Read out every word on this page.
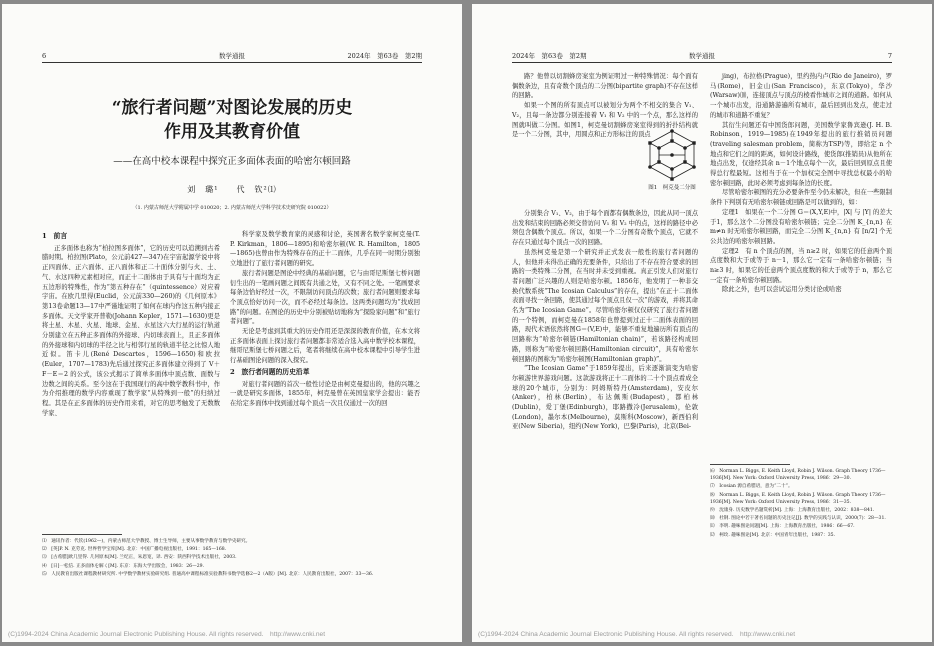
6	数学通报	2024年　第63卷　第2期
“旅行者问题”对图论发展的历史
作用及其教育价值
——在高中校本课程中探究正多面体表面的哈密尔顿回路
刘　璐¹　　代　钦²⑴
（1. 内蒙古师范大学附属中学 010020；2. 内蒙古师范大学科学技术史研究院 010022）
1　前言

正多面体也称为“柏拉图多面体”，它的历史可以追溯到古希腊时期。柏拉图(Plato，公元前427—347)在宇宙起源学说中将正四面体、正六面体、正八面体和正二十面体分别与火、土、气、水这四种元素相对应，而正十二面体由于具有与十面均为正五边形的特殊性，作为“第五种存在”（quintessence）对应着宇宙。在欧几里得(Euclid，公元前330—260)的《几何原本》第13卷命题13—17中严谨地证明了如何在球内作这五种内接正多面体。天文学家开普勒(Johann Kepler，1571—1630)更是将土星、木星、火星、地球、金星、水星这六大行星的运行轨道分别建立在五种正多面体的外接球、内切球表面上，且正多面体的外接球和内切球的半径之比与相邻行星的轨道半径之比惊人地近似。笛卡儿(René Descartes，1596—1650)和欧拉(Euler，1707—1783)先后通过探究正多面体建立得到了 V＋F－E＝2 的公式，该公式揭示了简单多面体中顶点数、面数与边数之间的关系。至今这在于我国现行的高中数学教科书中，作为介绍推理的数学内容重现了数学家“从特殊到一般”的归纳过程。其是在正多面体的历史作用来看，对它的思考触发了无数数学家、

科学家及数学教育家的灵感和讨论，英国著名数学家柯克曼(T. P. Kirkman，1806—1895)和哈密尔顿(W. R. Hamilton，1805—1865)也曾由作为特殊存在的正十二面体，几乎在同一时期分别独立地进行了旅行者问题的研究。

旅行者问题是图论中经典的基础问题，它与由哥尼斯堡七桥问题衍生出的一笔画问题之间既有共通之处，又有不同之处。一笔画要求每条边恰好经过一次，不限制访问顶点的次数；旅行者问题则要求每个顶点恰好访问一次，而不必经过每条边。这两类问题均为“找成回路”的问题。在图论的历史中分别被贴切地称为“探险家问题”和“旅行者问题”。

无论是考虑到其重大的历史作用还是深深的教育价值，在本文将正多面体表面上探讨旅行者问题都非常适合选入高中数学校本课程，继哥尼斯堡七桥问题之后，笔者将继续在高中校本课程中引导学生进行基础图论问题的深入探究。

2　旅行者问题的历史沿革

对旅行者问题的首次一般性讨论是由柯克曼提出的，他的兴趣之一就是研究多面体，1855年，柯克曼曾在英国皇家学会提出：能否在给定多面体中找到通过每个顶点一次且仅通过一次的回

⑴　通讯作者：代钦(1962—)，内蒙古师范大学教授、博士生导师，主要从事数学教育与数学史研究。
⑵　[英]P. N. 克劳克. 世界哲学宝库[M]. 北京：中国广播电视出版社，1991：165—168.
⑶　[古希腊]欧几里得. 几何原本[M]. 兰纪正，朱恩宽，译. 西安：陕西科学技术出版社，2003.
⑷　[日]一松信. 正多面体を解く[M]. 东京：东海大学出版会，1983：26—29.
⑸　人民教育出版社课程教材研究所. 中学数学教材实验研究组. 普通高中课程标准实验教科书数学选修2—2（A版）[M]. 北京：人民教育出版社，2007：33—36.
(C)1994-2024 China Academic Journal Electronic Publishing House. All rights reserved.　http://www.cnki.net
2024年　第63卷　第2期	数学通报	7

路？他曾以切割蜂房案室为例证明过一种特殊情况：每个面有偶数条边，且有奇数个顶点的二分图(bipartite graph)不存在这样的回路。

如果一个图的所有顶点可以被划分为两个不相交的集合 V₁、V₂，且每一条边都分别连接着 V₁ 和 V₂ 中的一个点，那么这样的图就叫做二分图。如图1，柯克曼切割蜂房案室得到的折扑结构就是一个二分图，其中，用圆点和正方形标注的顶点

分别集合 V₁、V₂，由于每个面都有偶数条边，因此从同一顶点出发和结束的回路必须交替访问 V₁ 和 V₂ 中的点，这样的路径中必须包含偶数个顶点。所以，如果一个二分图有奇数个顶点，它就不存在只通过每个顶点一次的回路。

虽然柯克曼是第一个研究并正式发表一般性的旅行者问题的人，但他并未得出正确的充要条件，只给出了不存在符合要求的回路的一类特殊二分图，在当时并未受到重视。真正引发人们对旅行者问题广泛兴趣的人则是哈密尔顿。1856年，他发明了一种非交换代数系统“The Icosian Calculus”的存在，提出“在正十二面体表面寻找一条回路，使其通过每个顶点且仅一次”的游戏，并将其命名为“The Icosian Game”。尽管哈密尔顿仅仅研究了旅行者问题的一个特例，而柯克曼在1858年也曾提到过正十二面体表面的回路，现代术语依然将图G＝(V,E)中，能够不重复地遍历所有顶点的回路称为“哈密尔顿链(Hamiltonian chain)”，若该路径构成回路，则称为“哈密尔顿回路(Hamiltonian circuit)”，具有哈密尔顿回路的图称为“哈密尔顿图(Hamiltonian graph)”。

“The Icosian Game”于1859年提出，后来逐渐演变为哈密尔顿游世界游戏问题。这款游戏将正十二面体的二十个顶点看成全球的20个城市，分别为：阿姆斯特丹(Amsterdam)，安皮尔(Anker)，柏林(Berlin)，布达佩斯(Budapest)，都柏林(Dublin)，爱丁堡(Edinburgh)，耶路撒冷(Jerusalem)，伦敦(London)，墨尔本(Melbourne)，莫斯科(Moscow)，新西伯利亚(New Siberia)，纽约(New York)，巴黎(Paris)，北京(Bei-

图1　柯克曼二分图

jing)，布拉格(Prague)，里约热内卢(Rio de Janeiro)，罗马(Rome)，旧金山(San Francisco)，东京(Tokyo)，华沙(Warsaw)⑽，连接顶点与顶点的棱看作城市之间的道路。如何从一个城市出发，沿通路游遍所有城市，最后回到出发点，使走过的城市和道路不重复？

其衍生问题还有中国货郎问题，美国数学家鲁宾逊(J. H. B. Robinson，1919—1985)在1949年提出的旅行推销员问题(traveling salesman problem，简称为TSP)等，即给定 n 个地点和它们之间的距离，如何设计路线，使货郎(推销员)从他所在地点出发，仅途经其余 n－1个地点每个一次，最后回到原点且使得总行程最短。这相当于在一个加权完全图中寻找总权最小的哈密尔顿回路，此时必须考虑到每条边的长度。

尽管哈密尔顿图的充分必要条件至今仍未解决，但在一些限制条件下判别有无哈密尔顿链或回路是可以做到的，如：

定理1　如果在一个二分图 G＝(X,Y,E)中，|X| 与 |Y| 的差大于1，那么这个二分图没有哈密尔顿链；完全二分图 K_{n,n} 在 m≠n 时无哈密尔顿回路，而完全二分图 K_{n,n} 有 [n/2] 个无公共边的哈密尔顿回路。

定理2　有 n 个顶点的图，当 n≥2 时，如果它的任意两个顶点度数和大于或等于 n－1，那么它一定有一条哈密尔顿链；当 n≥3 时，如果它的任意两个顶点度数的和大于或等于 n，那么它一定有一条哈密尔顿回路。

除此之外，也可以尝试运用分类讨论或哈密

⑹　Norman L. Biggs, E. Keith Lloyd, Robin J. Wilson. Graph Theory 1736—1936[M]. New York: Oxford University Press, 1986：29—30.
⑺　Icosian 源自希腊语，意为“二十”。
⑻　Norman L. Biggs, E. Keith Lloyd, Robin J. Wilson. Graph Theory 1736—1936[M]. New York: Oxford University Press, 1986：31—35.
⑼　沈康身. 历史数学名题赏析[M]. 上海：上海教育出版社，2002：838—841.
⑽　杜钢. 图论中若干著名问题的历史注记[J]. 数学的实践与认识，2000(7)：28—31.
⑾　李明. 趣味图论问题[M]. 上海：上海教育出版社，1986：66—67.
⑿　柯玫. 趣味图论[M]. 北京：中国青年出版社，1987：35.
(C)1994-2024 China Academic Journal Electronic Publishing House. All rights reserved.　http://www.cnki.net
